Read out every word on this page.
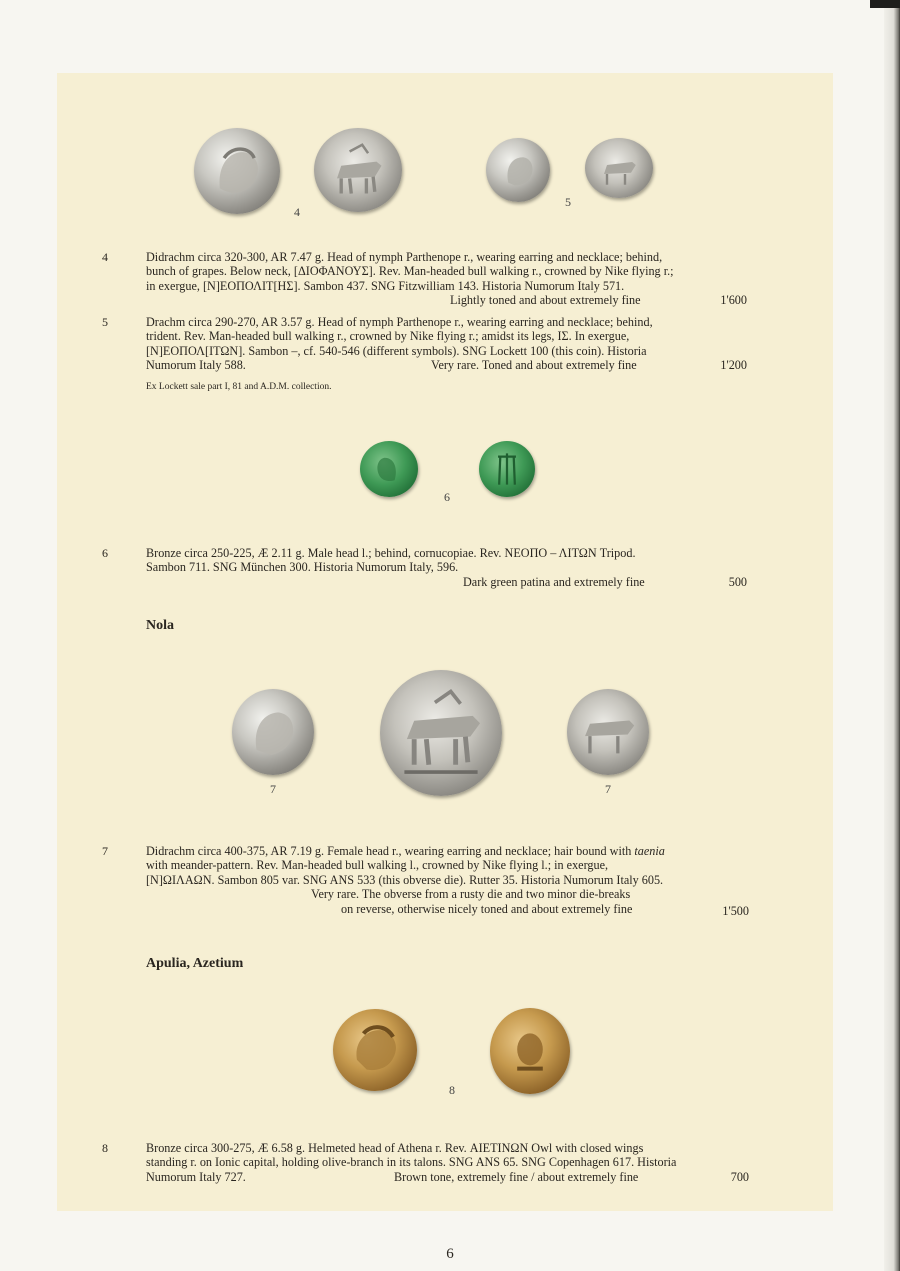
4
5
4	Didrachm circa 320-300, AR 7.47 g. Head of nymph Parthenope r., wearing earring and necklace; behind,

bunch of grapes. Below neck, [ΔΙΟΦΑΝΟΥΣ]. Rev. Man-headed bull walking r., crowned by Nike flying r.;

in exergue, [N]ΕΟΠΟΛΙΤ[ΗΣ]. Sambon 437. SNG Fitzwilliam 143. Historia Numorum Italy 571.

Lightly toned and about extremely fine	1'600
5	Drachm circa 290-270, AR 3.57 g. Head of nymph Parthenope r., wearing earring and necklace; behind,

trident. Rev. Man-headed bull walking r., crowned by Nike flying r.; amidst its legs, ΙΣ. In exergue,

[N]ΕΟΠΟΛ[ΙΤΩΝ]. Sambon –, cf. 540-546 (different symbols). SNG Lockett 100 (this coin). Historia

Numorum Italy 588.	Very rare. Toned and about extremely fine	1'200
Ex Lockett sale part I, 81 and A.D.M. collection.
6
6	Bronze circa 250-225, Æ 2.11 g. Male head l.; behind, cornucopiae. Rev. ΝΕΟΠΟ – ΛΙΤΩΝ Tripod.

Sambon 711. SNG München 300. Historia Numorum Italy, 596.

Dark green patina and extremely fine	500
Nola
7	7
7	Didrachm circa 400-375, AR 7.19 g. Female head r., wearing earring and necklace; hair bound with taenia

with meander-pattern. Rev. Man-headed bull walking l., crowned by Nike flying l.; in exergue,

[N]ΩΙΛΑΩΝ. Sambon 805 var. SNG ANS 533 (this obverse die). Rutter 35. Historia Numorum Italy 605.

Very rare. The obverse from a rusty die and two minor die-breaks
on reverse, otherwise nicely toned and about extremely fine	1'500
Apulia, Azetium
8
8	Bronze circa 300-275, Æ 6.58 g. Helmeted head of Athena r. Rev. ΑΙΕΤΙΝΩΝ Owl with closed wings

standing r. on Ionic capital, holding olive-branch in its talons. SNG ANS 65. SNG Copenhagen 617. Historia

Numorum Italy 727.	Brown tone, extremely fine / about extremely fine	700
6
